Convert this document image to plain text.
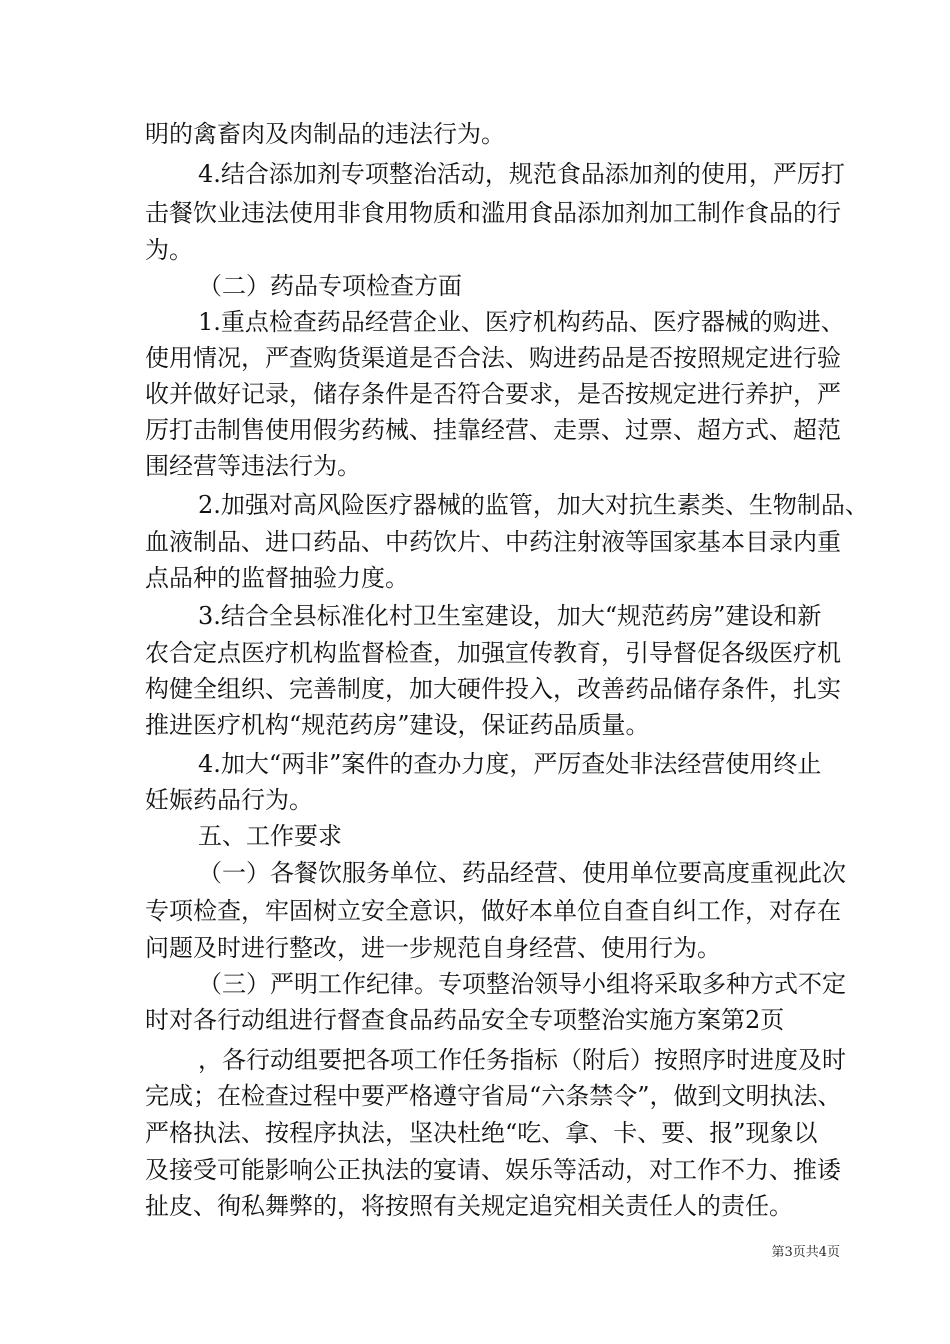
明的禽畜肉及肉制品的违法行为。
4.结合添加剂专项整治活动，规范食品添加剂的使用，严厉打
击餐饮业违法使用非食用物质和滥用食品添加剂加工制作食品的行
为。
（二）药品专项检查方面
1.重点检查药品经营企业、医疗机构药品、医疗器械的购进、
使用情况，严查购货渠道是否合法、购进药品是否按照规定进行验
收并做好记录，储存条件是否符合要求，是否按规定进行养护，严
厉打击制售使用假劣药械、挂靠经营、走票、过票、超方式、超范
围经营等违法行为。
2.加强对高风险医疗器械的监管，加大对抗生素类、生物制品、
血液制品、进口药品、中药饮片、中药注射液等国家基本目录内重
点品种的监督抽验力度。
3.结合全县标准化村卫生室建设，加大“规范药房”建设和新
农合定点医疗机构监督检查，加强宣传教育，引导督促各级医疗机
构健全组织、完善制度，加大硬件投入，改善药品储存条件，扎实
推进医疗机构“规范药房”建设，保证药品质量。
4.加大“两非”案件的查办力度，严厉查处非法经营使用终止
妊娠药品行为。
五、工作要求
（一）各餐饮服务单位、药品经营、使用单位要高度重视此次
专项检查，牢固树立安全意识，做好本单位自查自纠工作，对存在
问题及时进行整改，进一步规范自身经营、使用行为。
（三）严明工作纪律。专项整治领导小组将采取多种方式不定
时对各行动组进行督查食品药品安全专项整治实施方案第2页
，各行动组要把各项工作任务指标（附后）按照序时进度及时
完成；在检查过程中要严格遵守省局“六条禁令”，做到文明执法、
严格执法、按程序执法，坚决杜绝“吃、拿、卡、要、报”现象以
及接受可能影响公正执法的宴请、娱乐等活动，对工作不力、推诿
扯皮、徇私舞弊的，将按照有关规定追究相关责任人的责任。
第3页共4页
